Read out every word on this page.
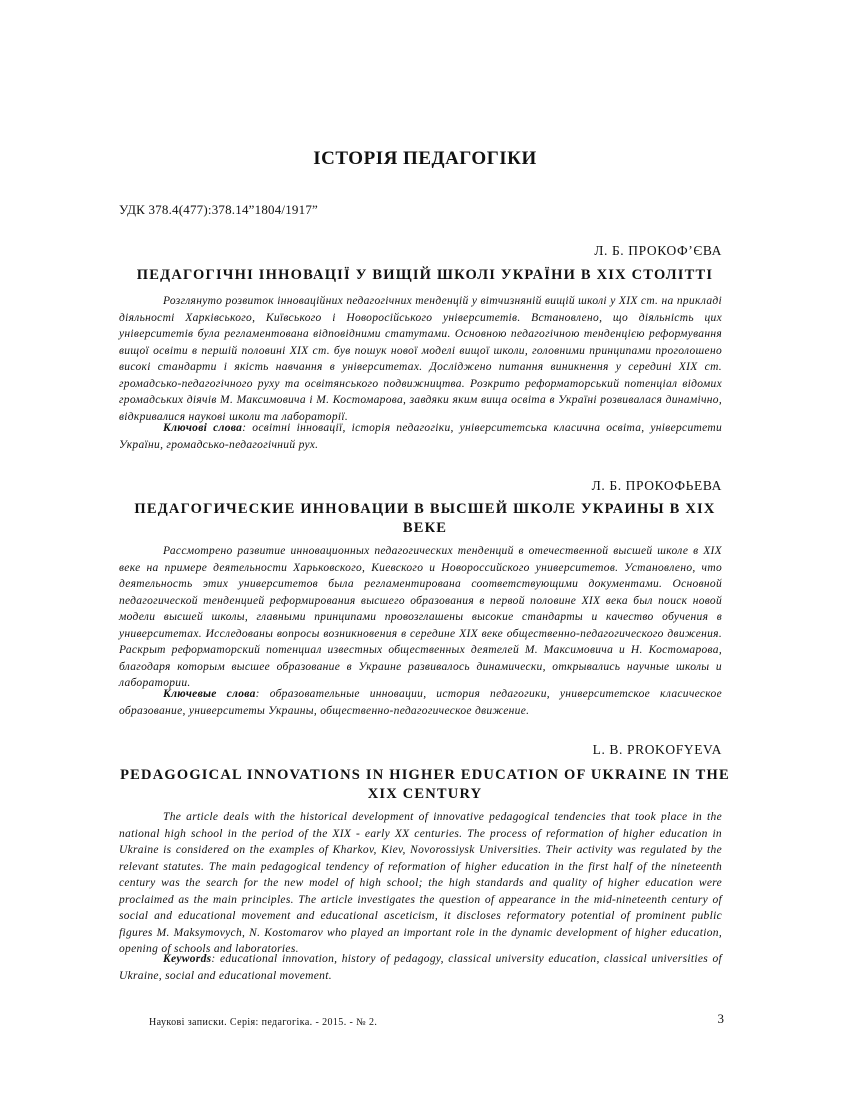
ІСТОРІЯ ПЕДАГОГІКИ
УДК 378.4(477):378.14”1804/1917”
Л. Б. ПРОКОФ’ЄВА
ПЕДАГОГІЧНІ ІННОВАЦІЇ У ВИЩІЙ ШКОЛІ УКРАЇНИ В XIX СТОЛІТТІ

Розглянуто розвиток інноваційних педагогічних тенденцій у вітчизняній вищій школі у XIX ст. на прикладі діяльності Харківського, Київського і Новоросійського університетів. Встановлено, що діяльність цих університетів була регламентована відповідними статутами. Основною педагогічною тенденцією реформування вищої освіти в першій половині XIX ст. був пошук нової моделі вищої школи, головними принципами проголошено високі стандарти і якість навчання в університетах. Досліджено питання виникнення у середині XIX ст. громадсько-педагогічного руху та освітянського подвижництва. Розкрито реформаторський потенціал відомих громадських діячів М. Максимовича і М. Костомарова, завдяки яким вища освіта в Україні розвивалася динамічно, відкривалися наукові школи та лабораторії.

Ключові слова: освітні інновації, історія педагогіки, університетська класична освіта, університети України, громадсько-педагогічний рух.

Л. Б. ПРОКОФЬЕВА
ПЕДАГОГИЧЕСКИЕ ИННОВАЦИИ В ВЫСШЕЙ ШКОЛЕ УКРАИНЫ В XIX ВЕКЕ

Рассмотрено развитие инновационных педагогических тенденций в отечественной высшей школе в XIX веке на примере деятельности Харьковского, Киевского и Новороссийского университетов. Установлено, что деятельность этих университетов была регламентирована соответствующими документами. Основной педагогической тенденцией реформирования высшего образования в первой половине XIX века был поиск новой модели высшей школы, главными принципами провозглашены высокие стандарты и качество обучения в университетах. Исследованы вопросы возникновения в середине XIX веке общественно-педагогического движения. Раскрыт реформаторский потенциал известных общественных деятелей М. Максимовича и Н. Костомарова, благодаря которым высшее образование в Украине развивалось динамически, открывались научные школы и лаборатории.

Ключевые слова: образовательные инновации, история педагогики, университетское класическое образование, университеты Украины, общественно-педагогическое движение.

L. B. PROKOFYEVA
PEDAGOGICAL INNOVATIONS IN HIGHER EDUCATION OF UKRAINE IN THE XIX CENTURY

The article deals with the historical development of innovative pedagogical tendencies that took place in the national high school in the period of the XIX - early XX centuries. The process of reformation of higher education in Ukraine is considered on the examples of Kharkov, Kiev, Novorossiysk Universities. Their activity was regulated by the relevant statutes. The main pedagogical tendency of reformation of higher education in the first half of the nineteenth century was the search for the new model of high school; the high standards and quality of higher education were proclaimed as the main principles. The article investigates the question of appearance in the mid-nineteenth century of social and educational movement and educational asceticism, it discloses reformatory potential of prominent public figures M. Maksymovych, N. Kostomarov who played an important role in the dynamic development of higher education, opening of schools and laboratories.

Keywords: educational innovation, history of pedagogy, classical university education, classical universities of Ukraine, social and educational movement.

Наукові записки. Серія: педагогіка. - 2015. - № 2.	3
